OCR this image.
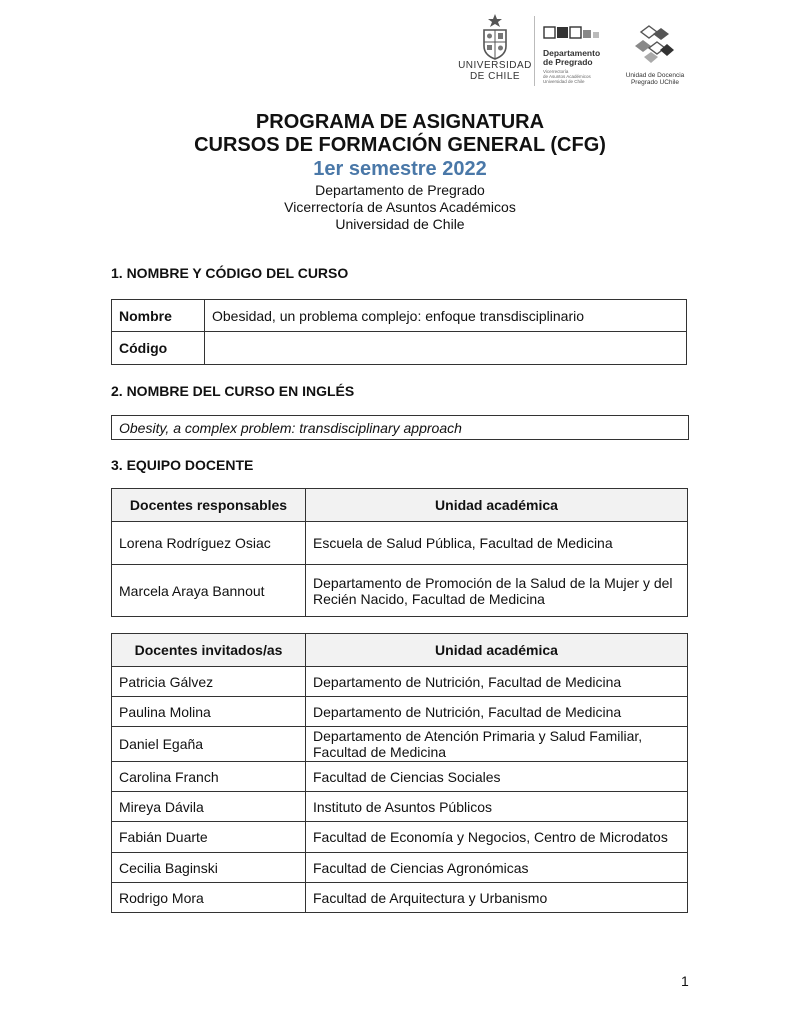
UNIVERSIDAD
DE CHILE
Departamento
de Pregrado
Vicerrectoría
de Asuntos Académicos
Universidad de Chile
Unidad de Docencia
Pregrado UChile
PROGRAMA DE ASIGNATURA
CURSOS DE FORMACIÓN GENERAL (CFG)
1er semestre 2022
Departamento de Pregrado
Vicerrectoría de Asuntos Académicos
Universidad de Chile
1. NOMBRE Y CÓDIGO DEL CURSO
Nombre	Obesidad, un problema complejo: enfoque transdisciplinario
Código	
2. NOMBRE DEL CURSO EN INGLÉS
Obesity, a complex problem: transdisciplinary approach
3. EQUIPO DOCENTE
Docentes responsables	Unidad académica
Lorena Rodríguez Osiac	Escuela de Salud Pública, Facultad de Medicina
Marcela Araya Bannout	Departamento de Promoción de la Salud de la Mujer y del Recién Nacido, Facultad de Medicina
Docentes invitados/as	Unidad académica
Patricia Gálvez	Departamento de Nutrición, Facultad de Medicina
Paulina Molina	Departamento de Nutrición, Facultad de Medicina
Daniel Egaña	Departamento de Atención Primaria y Salud Familiar, Facultad de Medicina
Carolina Franch	Facultad de Ciencias Sociales
Mireya Dávila	Instituto de Asuntos Públicos
Fabián Duarte	Facultad de Economía y Negocios, Centro de Microdatos
Cecilia Baginski	Facultad de Ciencias Agronómicas
Rodrigo Mora	Facultad de Arquitectura y Urbanismo
1
